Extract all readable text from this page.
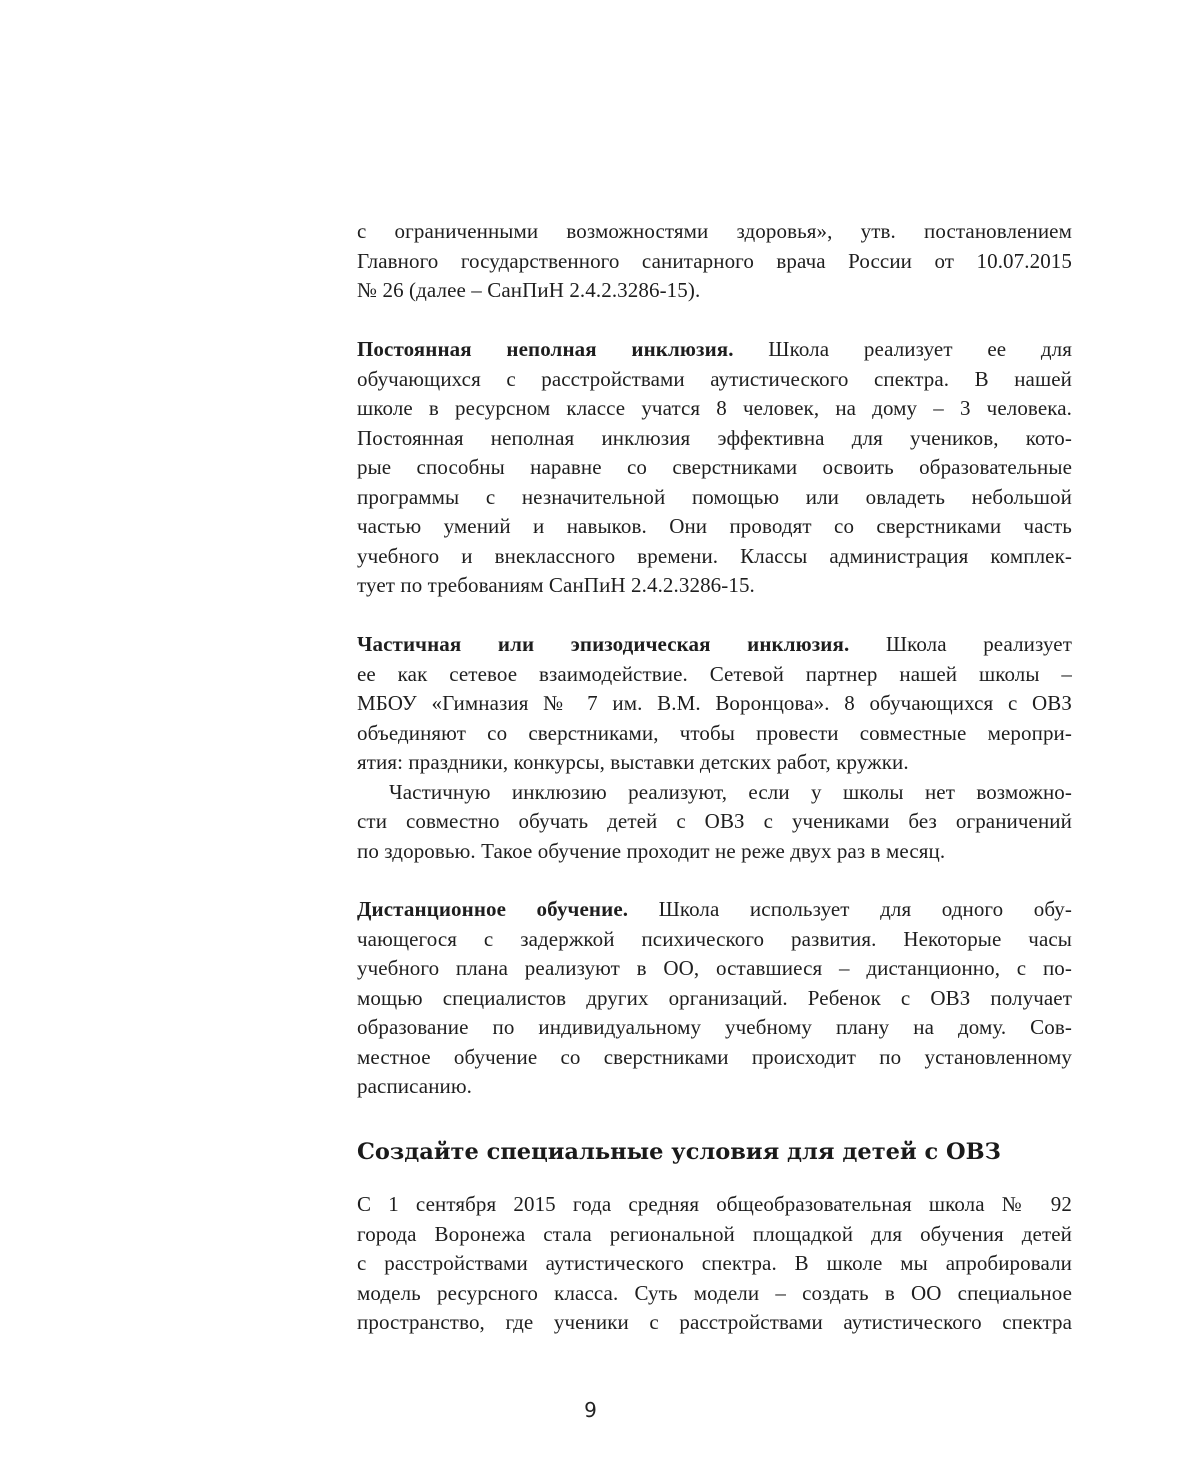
с ограниченными возможностями здоровья», утв. постановлением
Главного государственного санитарного врача России от 10.07.2015
№ 26 (далее – СанПиН 2.4.2.3286-15).
Постоянная неполная инклюзия. Школа реализует ее для
обучающихся с расстройствами аутистического спектра. В нашей
школе в ресурсном классе учатся 8 человек, на дому – 3 человека.
Постоянная неполная инклюзия эффективна для учеников, кото-
рые способны наравне со сверстниками освоить образовательные
программы с незначительной помощью или овладеть небольшой
частью умений и навыков. Они проводят со сверстниками часть
учебного и внеклассного времени. Классы администрация комплек-
тует по требованиям СанПиН 2.4.2.3286-15.
Частичная или эпизодическая инклюзия. Школа реализует
ее как сетевое взаимодействие. Сетевой партнер нашей школы –
МБОУ «Гимназия № 7 им. В.М. Воронцова». 8 обучающихся с ОВЗ
объединяют со сверстниками, чтобы провести совместные меропри-
ятия: праздники, конкурсы, выставки детских работ, кружки.
Частичную инклюзию реализуют, если у школы нет возможно-
сти совместно обучать детей с ОВЗ с учениками без ограничений
по здоровью. Такое обучение проходит не реже двух раз в месяц.
Дистанционное обучение. Школа использует для одного обу-
чающегося с задержкой психического развития. Некоторые часы
учебного плана реализуют в ОО, оставшиеся – дистанционно, с по-
мощью специалистов других организаций. Ребенок с ОВЗ получает
образование по индивидуальному учебному плану на дому. Сов-
местное обучение со сверстниками происходит по установленному
расписанию.
Создайте специальные условия для детей с ОВЗ
С 1 сентября 2015 года средняя общеобразовательная школа № 92
города Воронежа стала региональной площадкой для обучения детей
с расстройствами аутистического спектра. В школе мы апробировали
модель ресурсного класса. Суть модели – создать в ОО специальное
пространство, где ученики с расстройствами аутистического спектра
9
